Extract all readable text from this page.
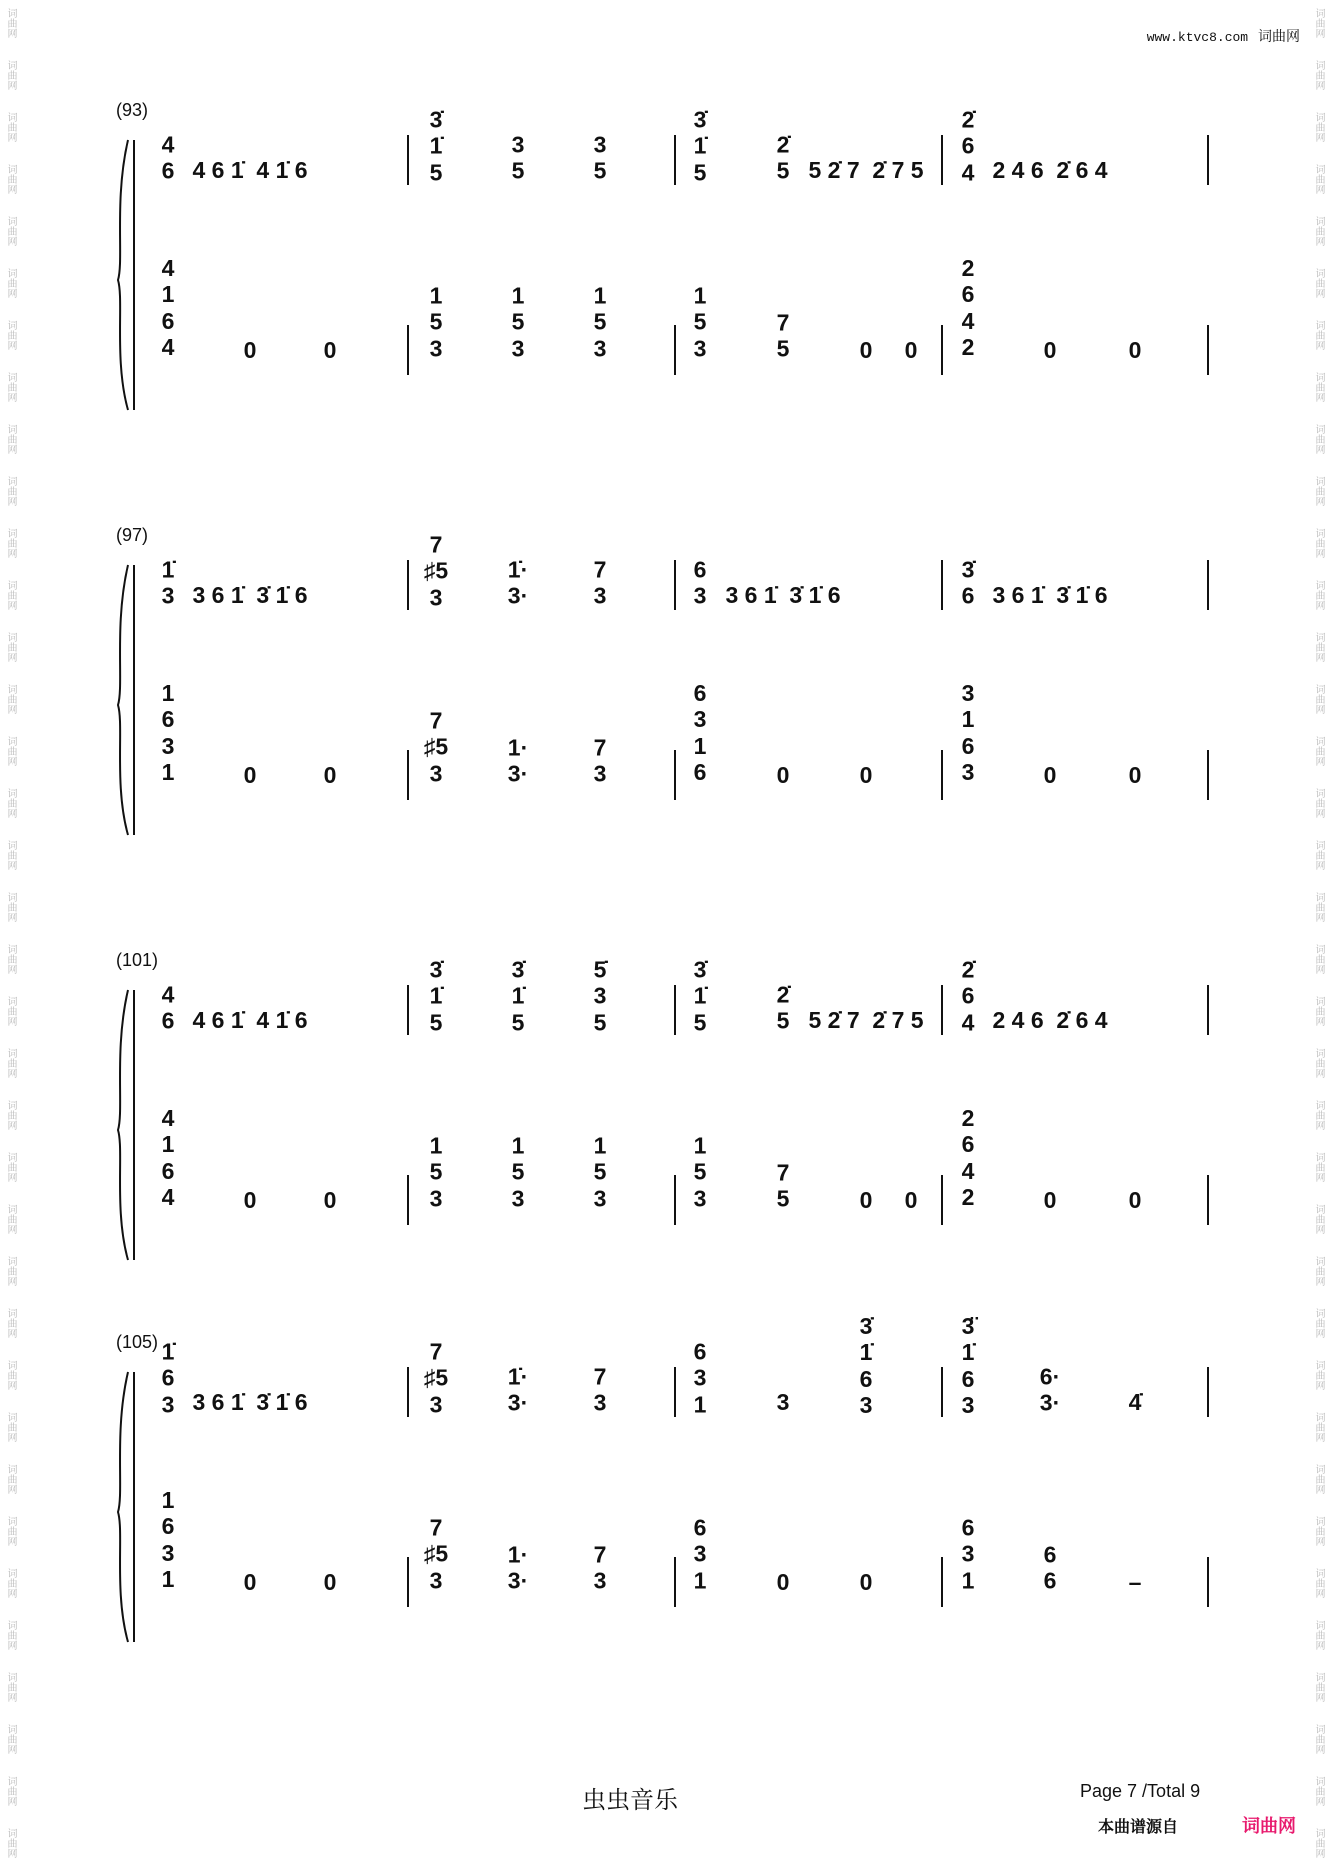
词曲网
词曲网
词曲网
词曲网
词曲网
词曲网
词曲网
词曲网
词曲网
词曲网
词曲网
词曲网
词曲网
词曲网
词曲网
词曲网
词曲网
词曲网
词曲网
词曲网
词曲网
词曲网
词曲网
词曲网
词曲网
词曲网
词曲网
词曲网
词曲网
词曲网
词曲网
词曲网
词曲网
词曲网
词曲网
词曲网
词曲网
词曲网
词曲网
词曲网
词曲网
词曲网
词曲网
词曲网
词曲网
词曲网
词曲网
词曲网
词曲网
词曲网
词曲网
词曲网
词曲网
词曲网
词曲网
词曲网
词曲网
词曲网
词曲网
词曲网
词曲网
词曲网
词曲网
词曲网
词曲网
词曲网
词曲网
词曲网
词曲网
词曲网
词曲网
词曲网
www.ktvc8.com 词曲网
(93)
4
6 4 6 1̇  4 1̇ 6
3̇
1̇
5
3
5
3
5
3̇
1̇
5
2̇
5 5 2̇ 7  2̇ 7 5
2̇
6
4 2 4 6  2̇ 6 4
4
1
6
4	0	0
1
5
3
1
5
3
1
5
3
1
5
3
7
5	0 0
2
6
4
2	0	0
(97)
1̇
3 3 6 1̇  3̇ 1̇ 6
7
♯5
3
1̇·
3·
7
3
6
3 3 6 1̇  3̇ 1̇ 6
3̇
6 3 6 1̇  3̇ 1̇ 6
1
6
3
1	0	0
7
♯5
3
1·
3·
7
3
6
3
1
6	0	0
3
1
6
3	0	0
(101)
4
6 4 6 1̇  4 1̇ 6
3̇
1̇
5
3̇
1̇
5
5̇
3
5
3̇
1̇
5
2̇
5 5 2̇ 7  2̇ 7 5
2̇
6
4 2 4 6  2̇ 6 4
4
1
6
4	0	0
1
5
3
1
5
3
1
5
3
1
5
3
7
5	0 0
2
6
4
2	0	0
(105) 1̇
6
3 3 6 1̇  3̇ 1̇ 6
7
♯5
3
1̇·
3·
7
3
6
3
1	3
3̇
1̇
6
3
3̈
1̇
6
3
6·
3·	4̇
1
6
3
1	0	0
7
♯5
3
1·
3·
7
3
6
3
1	0	0
6
3
1
6
6	–
虫虫音乐	Page 7 /Total 9
本曲谱源自	词曲网
